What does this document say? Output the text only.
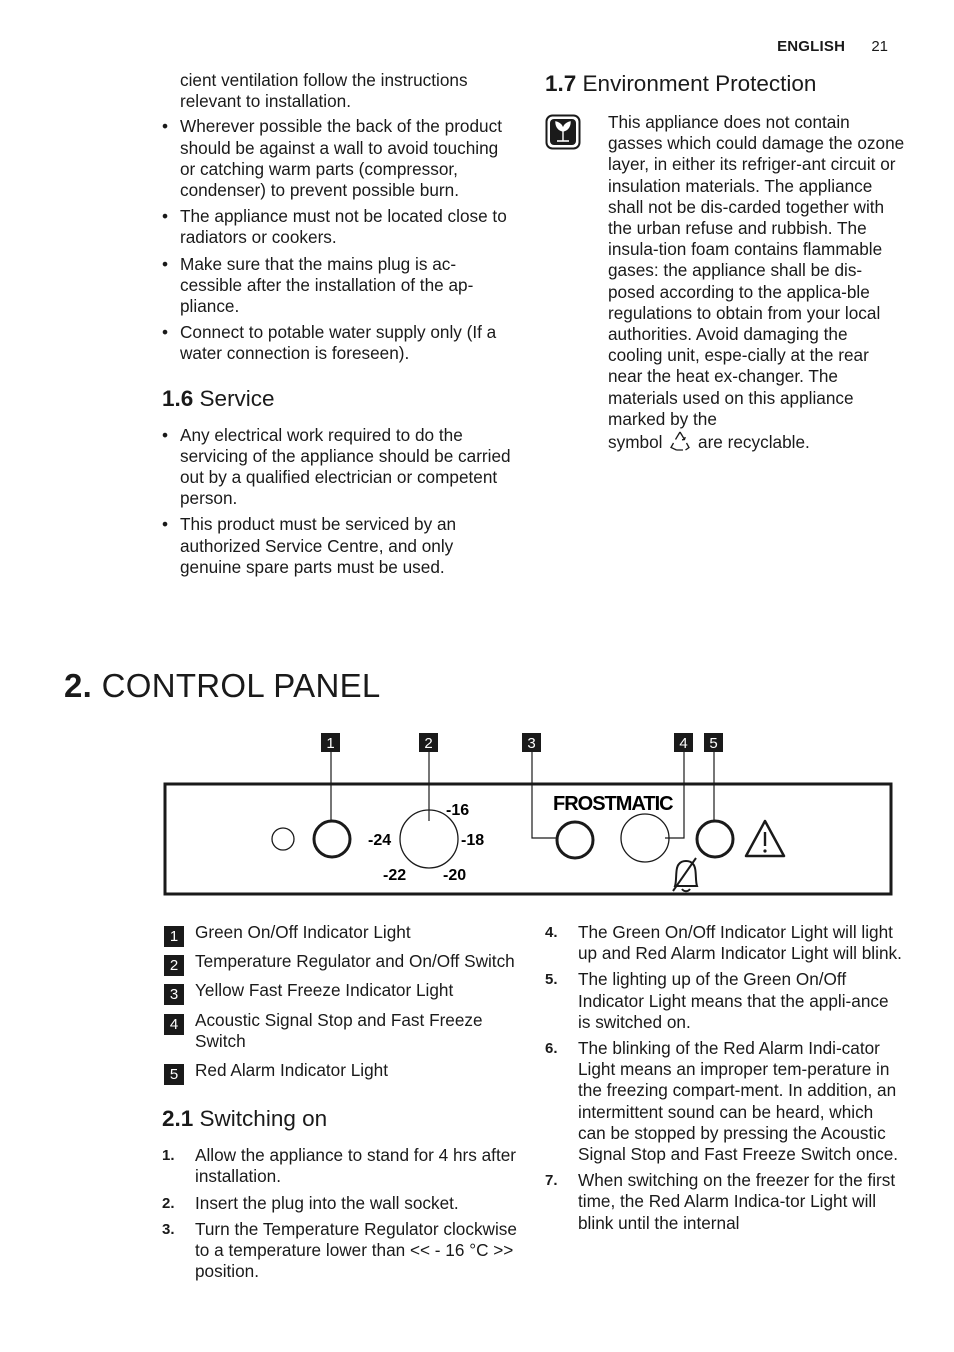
ENGLISH 21

cient ventilation follow the instructions relevant to installation.

• Wherever possible the back of the product should be against a wall to avoid touching or catching warm parts (compressor, condenser) to prevent possible burn.
• The appliance must not be located close to radiators or cookers.
• Make sure that the mains plug is ac-cessible after the installation of the ap-pliance.
• Connect to potable water supply only (If a water connection is foreseen).
1.6 Service
• Any electrical work required to do the servicing of the appliance should be carried out by a qualified electrician or competent person.
• This product must be serviced by an authorized Service Centre, and only genuine spare parts must be used.
1.7 Environment Protection
This appliance does not contain gasses which could damage the ozone layer, in either its refriger-ant circuit or insulation materials. The appliance shall not be dis-carded together with the urban refuse and rubbish. The insula-tion foam contains flammable gases: the appliance shall be dis-posed according to the applica-ble regulations to obtain from your local authorities. Avoid damaging the cooling unit, espe-cially at the rear near the heat ex-changer. The materials used on this appliance marked by the
symbol are recyclable.
2. CONTROL PANEL
1	2	3	4 5
-16
-18
-20
-22
-24
FROSTMATIC
1 Green On/Off Indicator Light
2 Temperature Regulator and On/Off Switch
3 Yellow Fast Freeze Indicator Light
4 Acoustic Signal Stop and Fast Freeze Switch
5 Red Alarm Indicator Light
2.1 Switching on
1. Allow the appliance to stand for 4 hrs after installation.
2. Insert the plug into the wall socket.
3. Turn the Temperature Regulator clockwise to a temperature lower than << - 16 °C >> position.
4. The Green On/Off Indicator Light will light up and Red Alarm Indicator Light will blink.
5. The lighting up of the Green On/Off Indicator Light means that the appli-ance is switched on.
6. The blinking of the Red Alarm Indi-cator Light means an improper tem-perature in the freezing compart-ment. In addition, an intermittent sound can be heard, which can be stopped by pressing the Acoustic Signal Stop and Fast Freeze Switch once.
7. When switching on the freezer for the first time, the Red Alarm Indica-tor Light will blink until the internal
